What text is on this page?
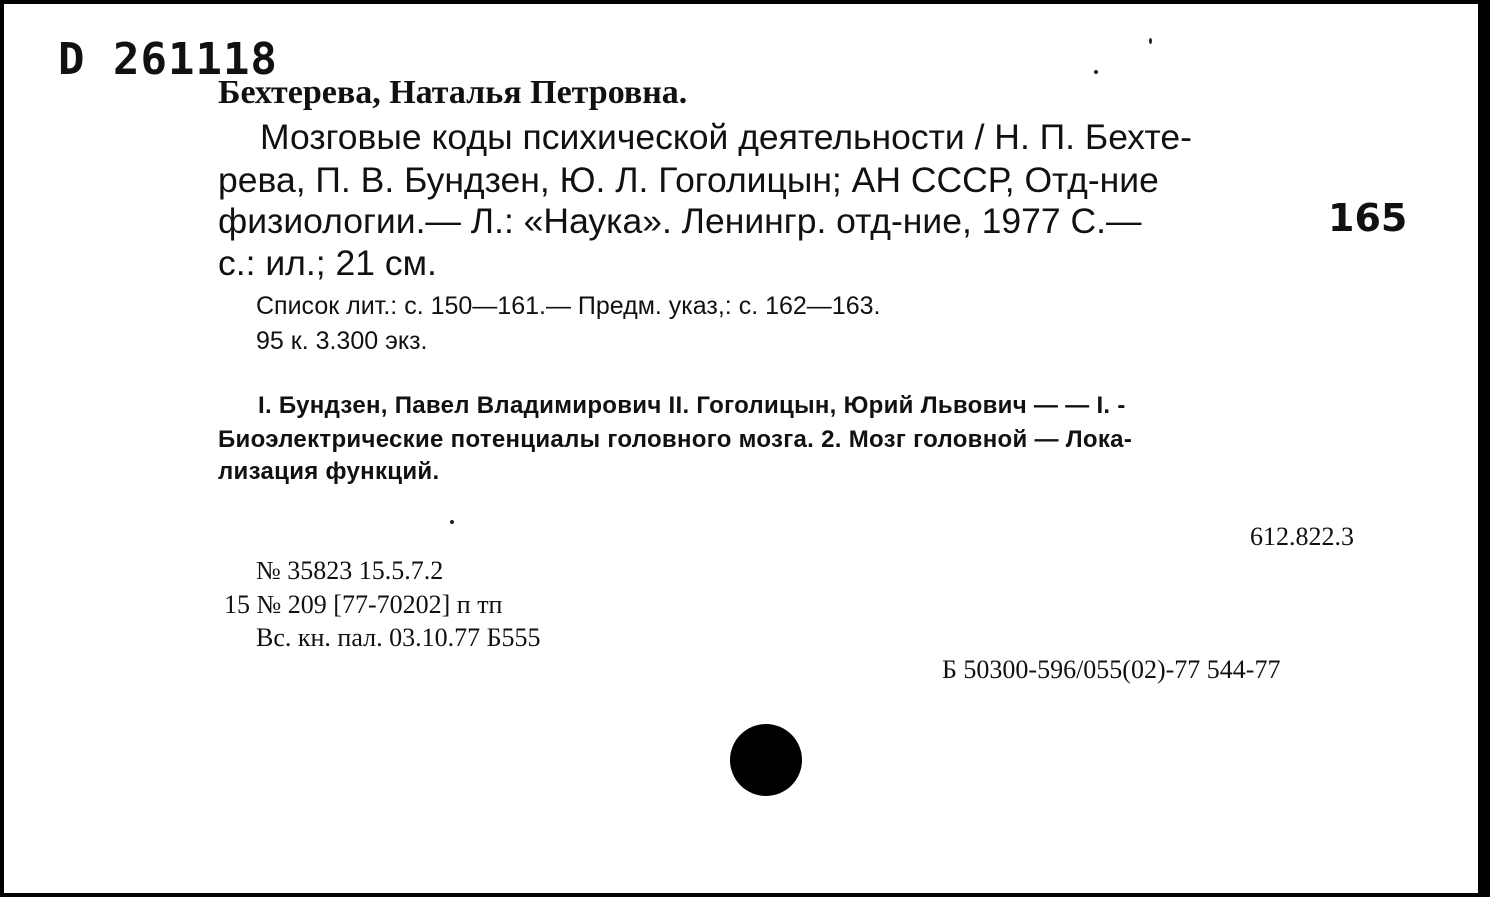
D 261118
Бехтерева, Наталья Петровна.
Мозговые коды психической деятельности / Н. П. Бехте-
рева, П. В. Бундзен, Ю. Л. Гоголицын; АН СССР, Отд-ние
физиологии.— Л.: «Наука». Ленингр. отд-ние, 1977 С.—	165
с.: ил.; 21 см.
Список лит.: с. 150—161.— Предм. указ,: с. 162—163.
95 к. 3.300 экз.
I. Бундзен, Павел Владимирович II. Гоголицын, Юрий Львович — — I. -
Биоэлектрические потенциалы головного мозга. 2. Мозг головной — Лока-
лизация функций.
612.822.3
№ 35823 15.5.7.2
15 № 209 [77-70202] п тп
Вс. кн. пал. 03.10.77 Б555
Б 50300-596/055(02)-77 544-77
